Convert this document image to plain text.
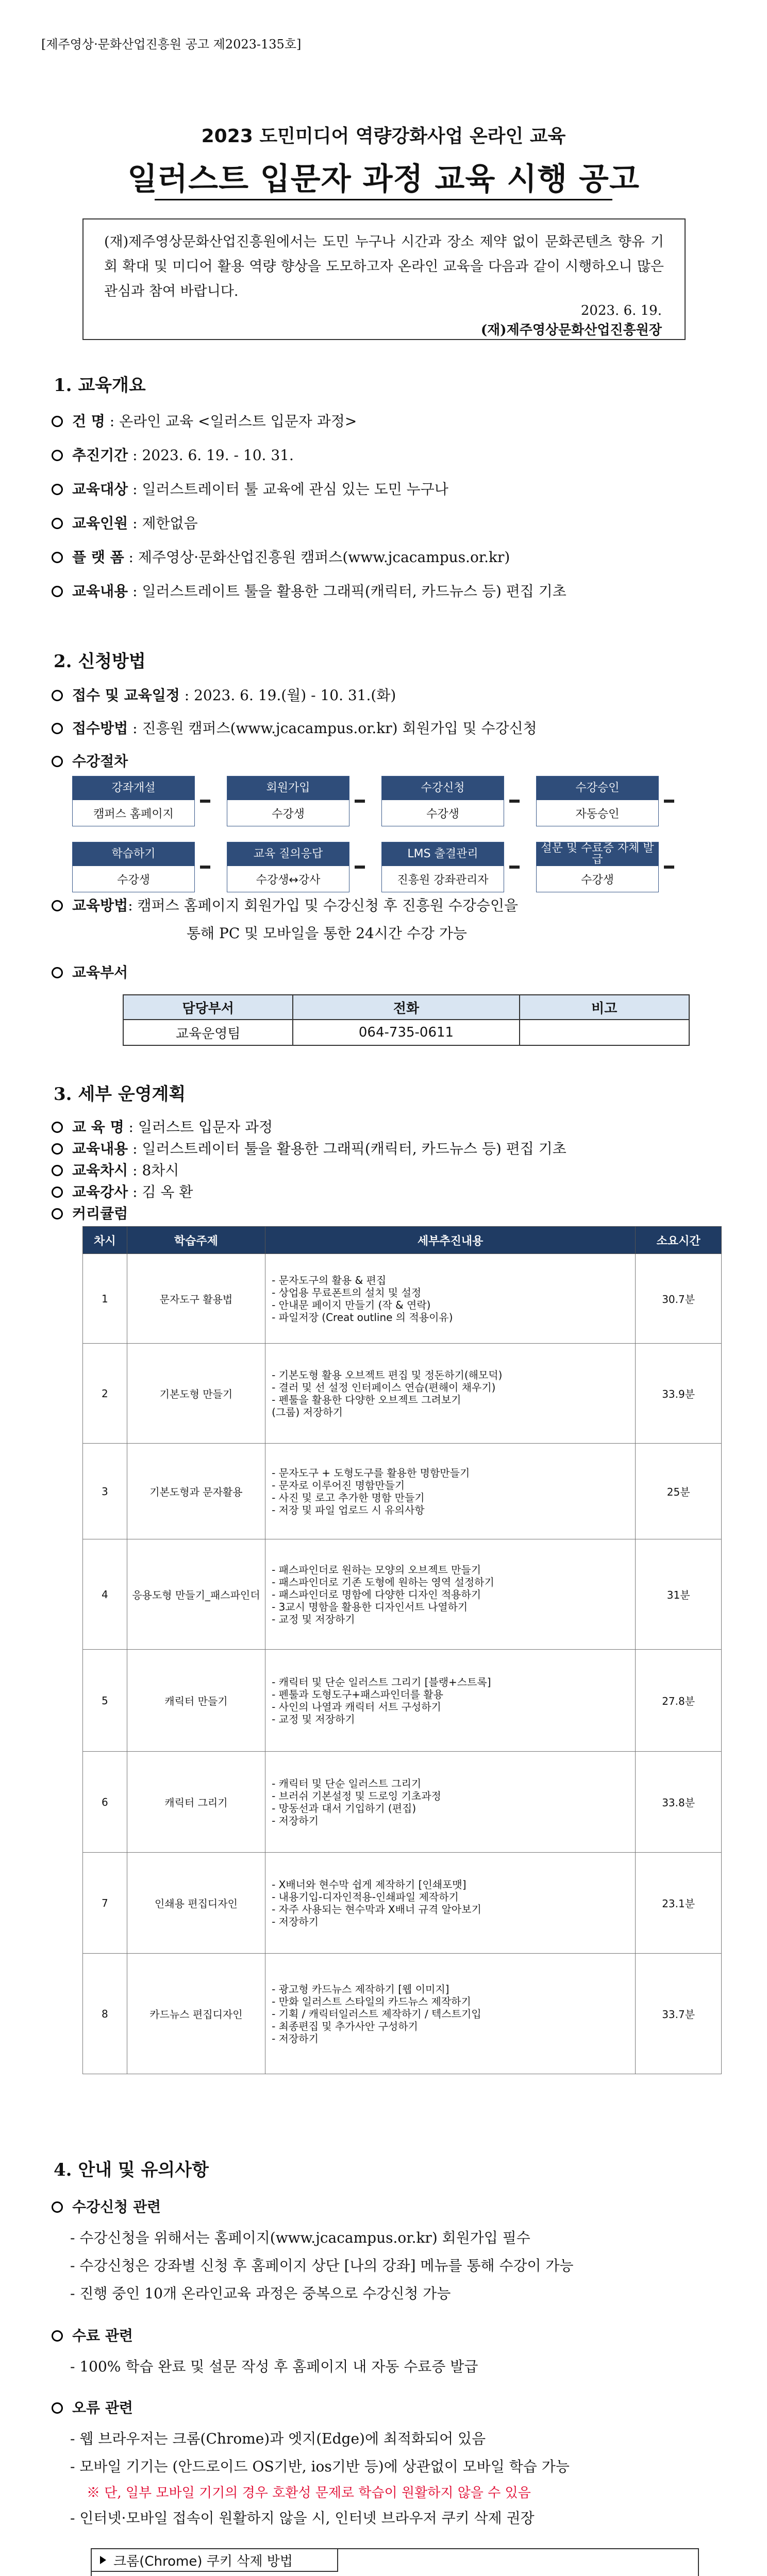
[제주영상·문화산업진흥원 공고 제2023-135호]
2023 도민미디어 역량강화사업 온라인 교육
일러스트 입문자 과정 교육 시행 공고
(재)제주영상문화산업진흥원에서는 도민 누구나 시간과 장소 제약 없이 문화콘텐츠 향유 기회 확대 및 미디어 활용 역량 향상을 도모하고자 온라인 교육을 다음과 같이 시행하오니 많은 관심과 참여 바랍니다.
2023. 6. 19.
(재)제주영상문화산업진흥원장
1. 교육개요
건 명 : 온라인 교육 <일러스트 입문자 과정>
추진기간 : 2023. 6. 19. - 10. 31.
교육대상 : 일러스트레이터 툴 교육에 관심 있는 도민 누구나
교육인원 : 제한없음
플 랫 폼 : 제주영상·문화산업진흥원 캠퍼스(www.jcacampus.or.kr)
교육내용 : 일러스트레이트 툴을 활용한 그래픽(캐릭터, 카드뉴스 등) 편집 기초
2. 신청방법
접수 및 교육일정 : 2023. 6. 19.(월) - 10. 31.(화)
접수방법 : 진흥원 캠퍼스(www.jcacampus.or.kr) 회원가입 및 수강신청
수강절차
강좌개설
캠퍼스 홈페이지
회원가입
수강생
수강신청
수강생
수강승인
자동승인
학습하기
수강생
교육 질의응답
수강생↔강사
LMS 출결관리
진흥원 강좌관리자
설문 및 수료증 자체 발급
수강생
교육방법: 캠퍼스 홈페이지 회원가입 및 수강신청 후 진흥원 수강승인을
통해 PC 및 모바일을 통한 24시간 수강 가능
교육부서
담당부서	전화	비고
교육운영팀	064-735-0611	
3. 세부 운영계획
교 육 명 : 일러스트 입문자 과정
교육내용 : 일러스트레이터 툴을 활용한 그래픽(캐릭터, 카드뉴스 등) 편집 기초
교육차시 : 8차시
교육강사 : 김 옥 환
커리큘럼
차시	학습주제	세부추진내용	소요시간
1	문자도구 활용법	- 문자도구의 활용 & 편집
- 상업용 무료폰트의 설치 및 설정
- 안내문 페이지 만들기 (작 & 연락)
- 파일저장 (Creat outline 의 적용이유)	30.7분
2	기본도형 만들기	- 기본도형 활용 오브젝트 편집 및 정돈하기(해모덕)
- 결러 및 선 설정 인터페이스 연습(편해이 채우기)
- 펜툴을 활용한 다양한 오브젝트 그려보기
(그룹) 저장하기	33.9분
3	기본도형과 문자활용	- 문자도구 + 도형도구를 활용한 명함만들기
- 문자로 이루어진 명함만들기
- 사진 및 로고 추가한 명함 만들기
- 저장 및 파일 업로드 시 유의사항	25분
4	응용도형 만들기_패스파인더	- 패스파인더로 원하는 모양의 오브젝트 만들기
- 패스파인더로 기존 도형에 원하는 영역 설정하기
- 패스파인더로 명함에 다양한 디자인 적용하기
- 3교시 명함을 활용한 디자인서트 나열하기
- 교정 및 저장하기	31분
5	캐릭터 만들기	- 캐릭터 및 단순 일러스트 그리기 [블랭+스트록]
- 펜툴과 도형도구+패스파인더를 활용
- 사인의 나열과 캐릭터 서트 구성하기
- 교정 및 저장하기	27.8분
6	캐릭터 그리기	- 캐릭터 및 단순 일러스트 그리기
- 브러쉬 기본설정 및 드로잉 기초과정
- 망동선과 대서 기입하기 (편집)
- 저장하기	33.8분
7	인쇄용 편집디자인	- X배너와 현수막 쉽게 제작하기 [인쇄포맷]
- 내용기입-디자인적용-인쇄파일 제작하기
- 자주 사용되는 현수막과 X배너 규격 알아보기
- 저장하기	23.1분
8	카드뉴스 편집디자인	- 광고형 카드뉴스 제작하기 [웹 이미지]
- 만화 일러스트 스타일의 카드뉴스 제작하기
- 기획 / 캐릭터일러스트 제작하기 / 텍스트기입
- 최종편집 및 추가사안 구성하기
- 저장하기	33.7분
4. 안내 및 유의사항
수강신청 관련
- 수강신청을 위해서는 홈페이지(www.jcacampus.or.kr) 회원가입 필수
- 수강신청은 강좌별 신청 후 홈페이지 상단 [나의 강좌] 메뉴를 통해 수강이 가능
- 진행 중인 10개 온라인교육 과정은 중복으로 수강신청 가능
수료 관련
- 100% 학습 완료 및 설문 작성 후 홈페이지 내 자동 수료증 발급
오류 관련
- 웹 브라우저는 크롬(Chrome)과 엣지(Edge)에 최적화되어 있음
- 모바일 기기는 (안드로이드 OS기반, ios기반 등)에 상관없이 모바일 학습 가능
※ 단, 일부 모바일 기기의 경우 호환성 문제로 학습이 원활하지 않을 수 있음
- 인터넷·모바일 접속이 원활하지 않을 시, 인터넷 브라우저 쿠키 삭제 권장
크롬(Chrome) 쿠키 삭제 방법
